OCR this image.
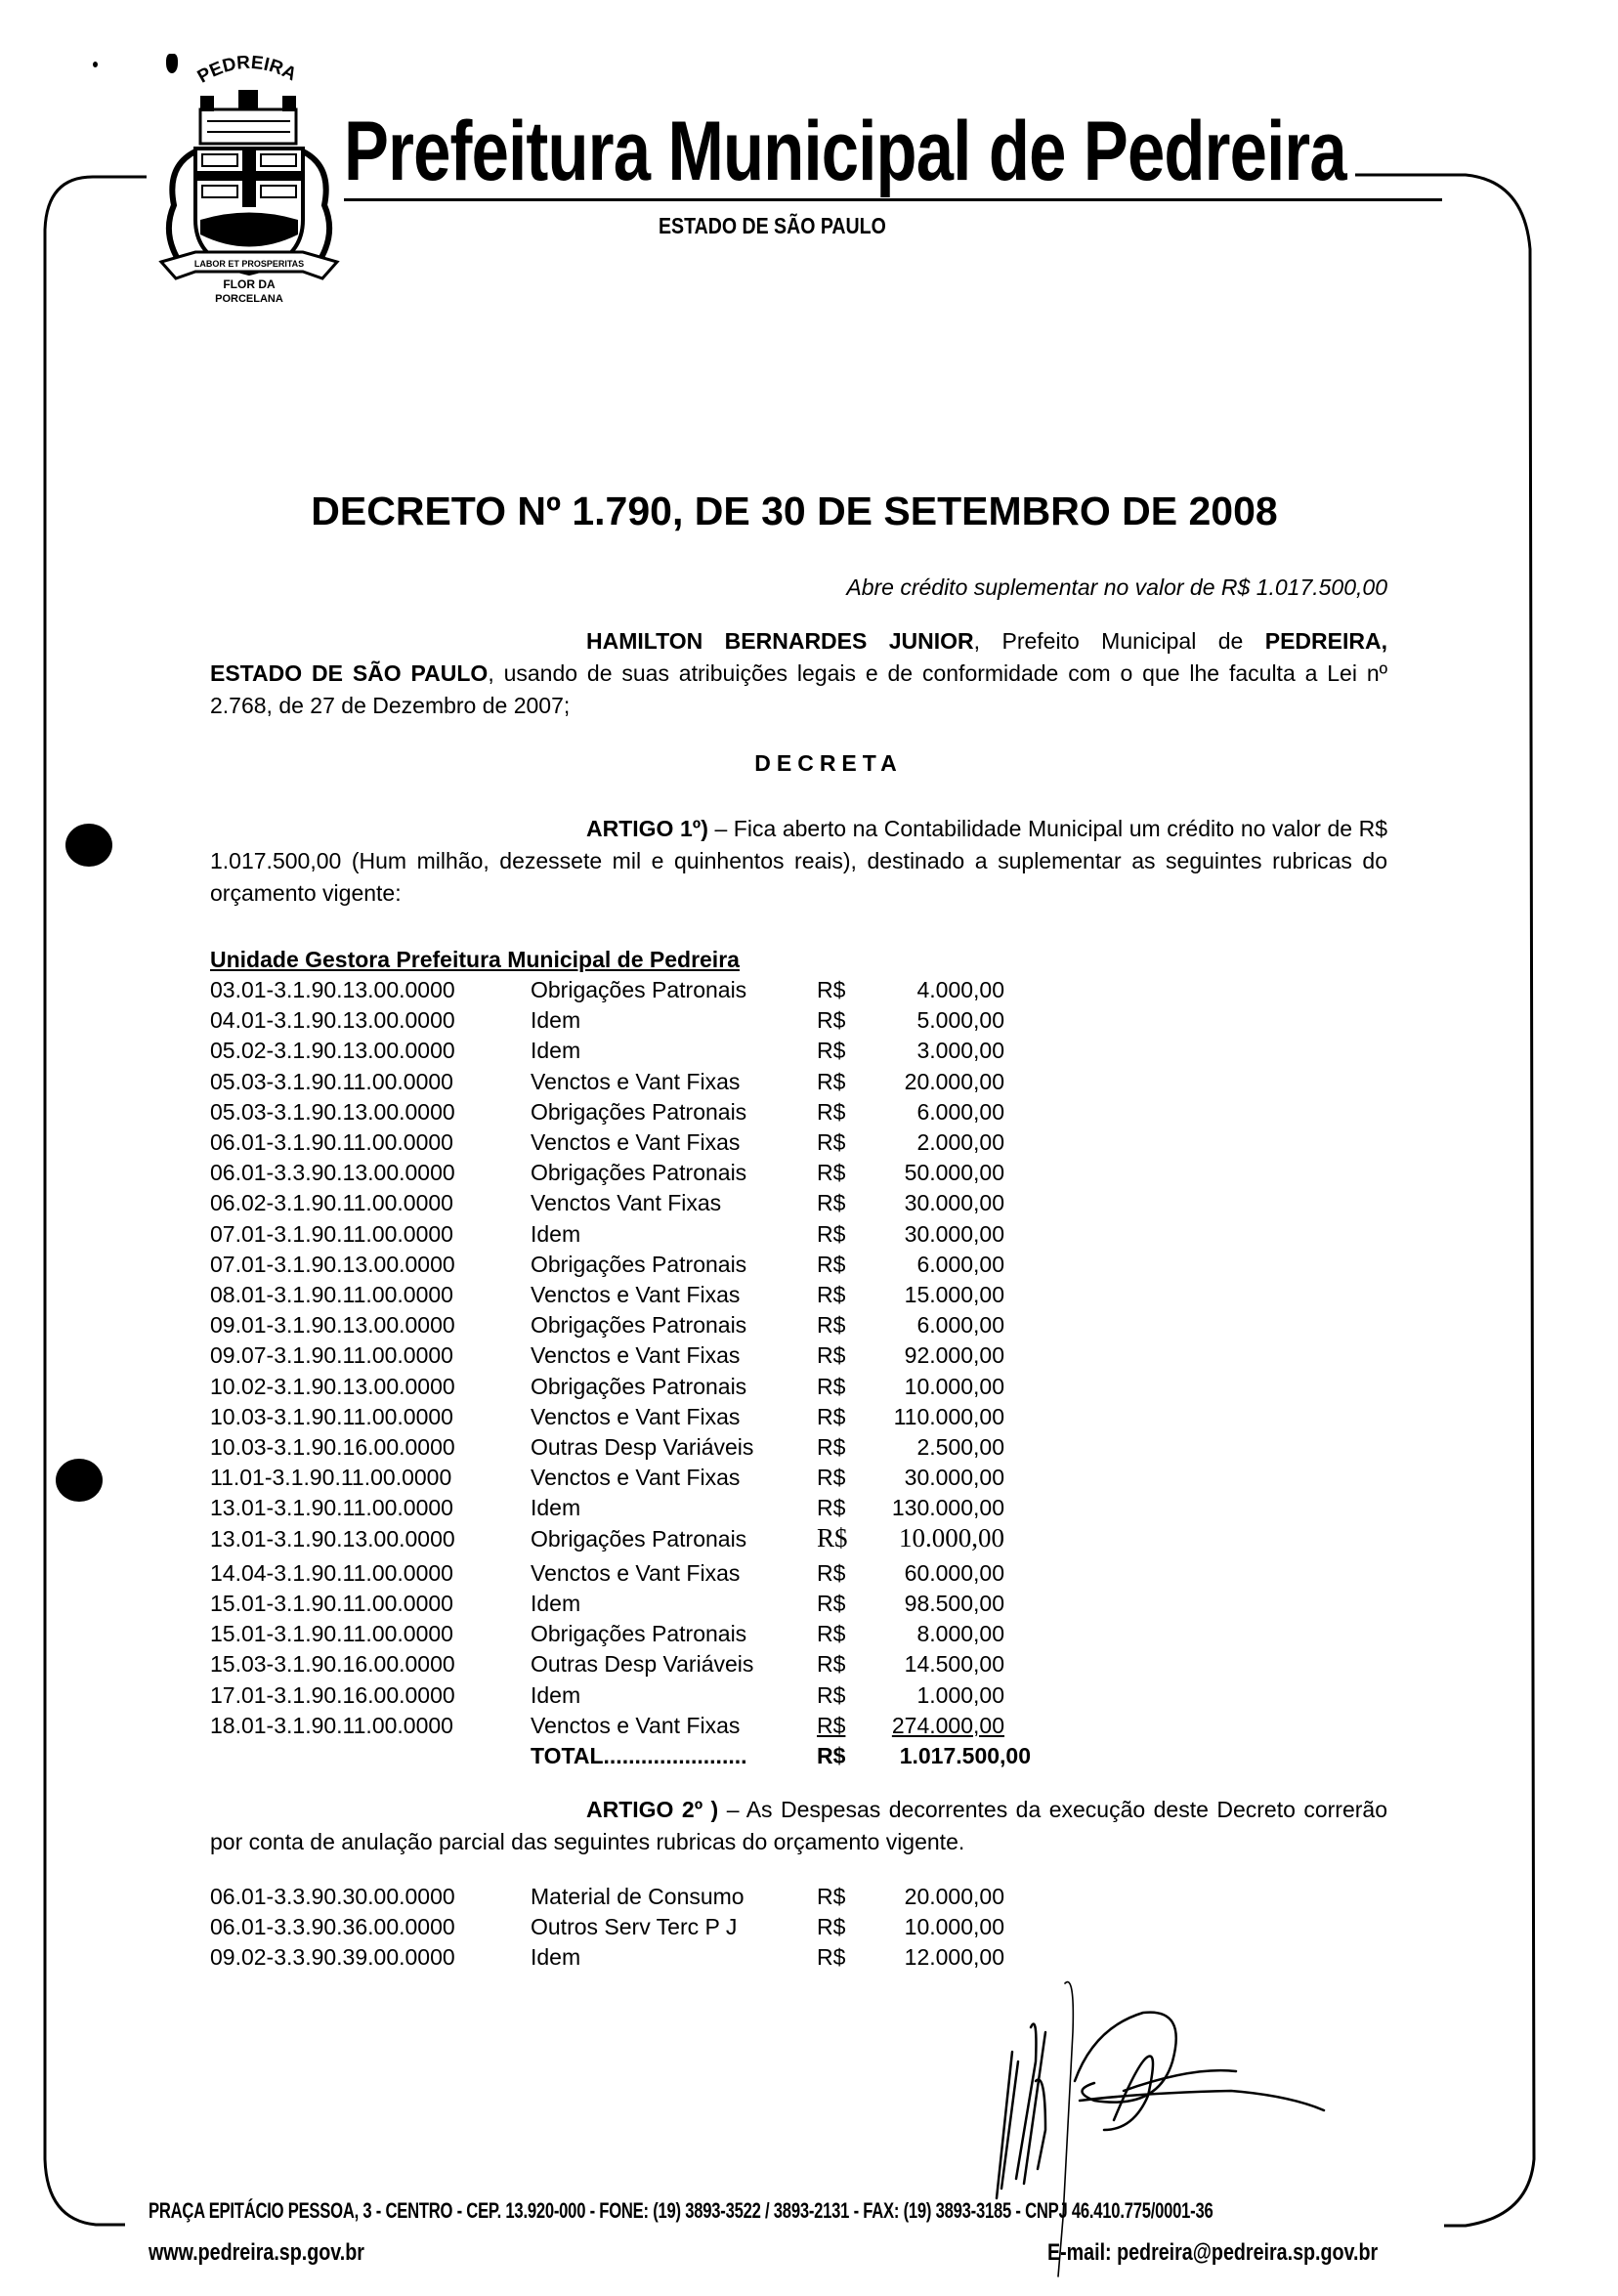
PEDREIRA
LABOR ET PROSPERITAS
FLOR DA
PORCELANA
Prefeitura Municipal de Pedreira
ESTADO DE SÃO PAULO
DECRETO Nº 1.790, DE 30 DE SETEMBRO DE 2008
Abre crédito suplementar no valor de R$ 1.017.500,00
HAMILTON BERNARDES JUNIOR, Prefeito Municipal de PEDREIRA, ESTADO DE SÃO PAULO, usando de suas atribuições legais e de conformidade com o que lhe faculta a Lei nº 2.768, de 27 de Dezembro de 2007;
DECRETA
ARTIGO 1º) – Fica aberto na Contabilidade Municipal um crédito no valor de R$ 1.017.500,00 (Hum milhão, dezessete mil e quinhentos reais), destinado a suplementar as seguintes rubricas do orçamento vigente:
Unidade Gestora Prefeitura Municipal de Pedreira
03.01-3.1.90.13.00.0000	Obrigações Patronais	R$	4.000,00
04.01-3.1.90.13.00.0000	Idem	R$	5.000,00
05.02-3.1.90.13.00.0000	Idem	R$	3.000,00
05.03-3.1.90.11.00.0000	Venctos e Vant Fixas	R$	20.000,00
05.03-3.1.90.13.00.0000	Obrigações Patronais	R$	6.000,00
06.01-3.1.90.11.00.0000	Venctos e Vant Fixas	R$	2.000,00
06.01-3.3.90.13.00.0000	Obrigações Patronais	R$	50.000,00
06.02-3.1.90.11.00.0000	Venctos Vant Fixas	R$	30.000,00
07.01-3.1.90.11.00.0000	Idem	R$	30.000,00
07.01-3.1.90.13.00.0000	Obrigações Patronais	R$	6.000,00
08.01-3.1.90.11.00.0000	Venctos e Vant Fixas	R$	15.000,00
09.01-3.1.90.13.00.0000	Obrigações Patronais	R$	6.000,00
09.07-3.1.90.11.00.0000	Venctos e Vant Fixas	R$	92.000,00
10.02-3.1.90.13.00.0000	Obrigações Patronais	R$	10.000,00
10.03-3.1.90.11.00.0000	Venctos e Vant Fixas	R$	110.000,00
10.03-3.1.90.16.00.0000	Outras Desp Variáveis	R$	2.500,00
11.01-3.1.90.11.00.0000	Venctos e Vant Fixas	R$	30.000,00
13.01-3.1.90.11.00.0000	Idem	R$	130.000,00
13.01-3.1.90.13.00.0000	Obrigações Patronais	R$	10.000,00
14.04-3.1.90.11.00.0000	Venctos e Vant Fixas	R$	60.000,00
15.01-3.1.90.11.00.0000	Idem	R$	98.500,00
15.01-3.1.90.11.00.0000	Obrigações Patronais	R$	8.000,00
15.03-3.1.90.16.00.0000	Outras Desp Variáveis	R$	14.500,00
17.01-3.1.90.16.00.0000	Idem	R$	1.000,00
18.01-3.1.90.11.00.0000	Venctos e Vant Fixas	R$	274.000,00
TOTAL.......................	R$	1.017.500,00
ARTIGO 2º ) – As Despesas decorrentes da execução deste Decreto correrão por conta de anulação parcial das seguintes rubricas do orçamento vigente.
06.01-3.3.90.30.00.0000	Material de Consumo	R$	20.000,00
06.01-3.3.90.36.00.0000	Outros Serv Terc P J	R$	10.000,00
09.02-3.3.90.39.00.0000	Idem	R$	12.000,00
PRAÇA EPITÁCIO PESSOA, 3 - CENTRO - CEP. 13.920-000 - FONE: (19) 3893-3522 / 3893-2131 - FAX: (19) 3893-3185 - CNPJ 46.410.775/0001-36
www.pedreira.sp.gov.br	E-mail: pedreira@pedreira.sp.gov.br
